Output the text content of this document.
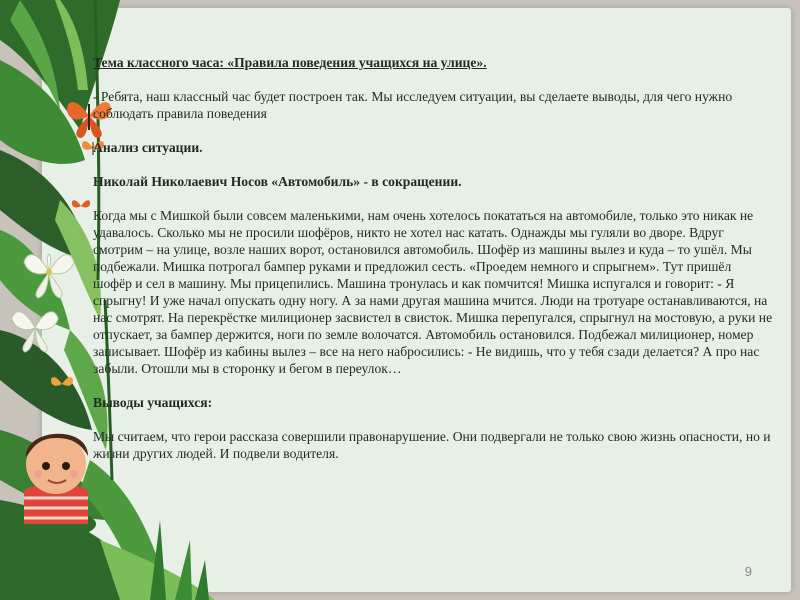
Тема классного часа: «Правила поведения учащихся на улице».

- Ребята, наш классный час будет построен так. Мы исследуем ситуации, вы сделаете выводы, для чего нужно соблюдать правила поведения

Анализ ситуации.

Николай Николаевич Носов «Автомобиль» - в сокращении.

Когда мы с Мишкой были совсем маленькими, нам очень хотелось покататься на автомобиле, только это никак не удавалось. Сколько мы не просили шофёров, никто не хотел нас катать. Однажды мы гуляли во дворе. Вдруг смотрим – на улице, возле наших ворот, остановился автомобиль. Шофёр из машины вылез и куда – то ушёл. Мы подбежали. Мишка потрогал бампер руками и предложил сесть. «Проедем немного и спрыгнем». Тут пришёл шофёр и сел в машину. Мы прицепились. Машина тронулась и как помчится! Мишка испугался и говорит: - Я спрыгну! И уже начал опускать одну ногу. А за нами другая машина мчится. Люди на тротуаре останавливаются, на нас смотрят. На перекрёстке милиционер засвистел в свисток. Мишка перепугался, спрыгнул на мостовую, а руки не отпускает, за бампер держится, ноги по земле волочатся. Автомобиль остановился. Подбежал милиционер, номер записывает. Шофёр из кабины вылез – все на него набросились: - Не видишь, что у тебя сзади делается? А про нас забыли. Отошли мы в сторонку и бегом в переулок…

Выводы учащихся:

Мы считаем, что герои рассказа совершили правонарушение. Они подвергали не только свою жизнь опасности, но и жизни других людей. И подвели водителя.

9
